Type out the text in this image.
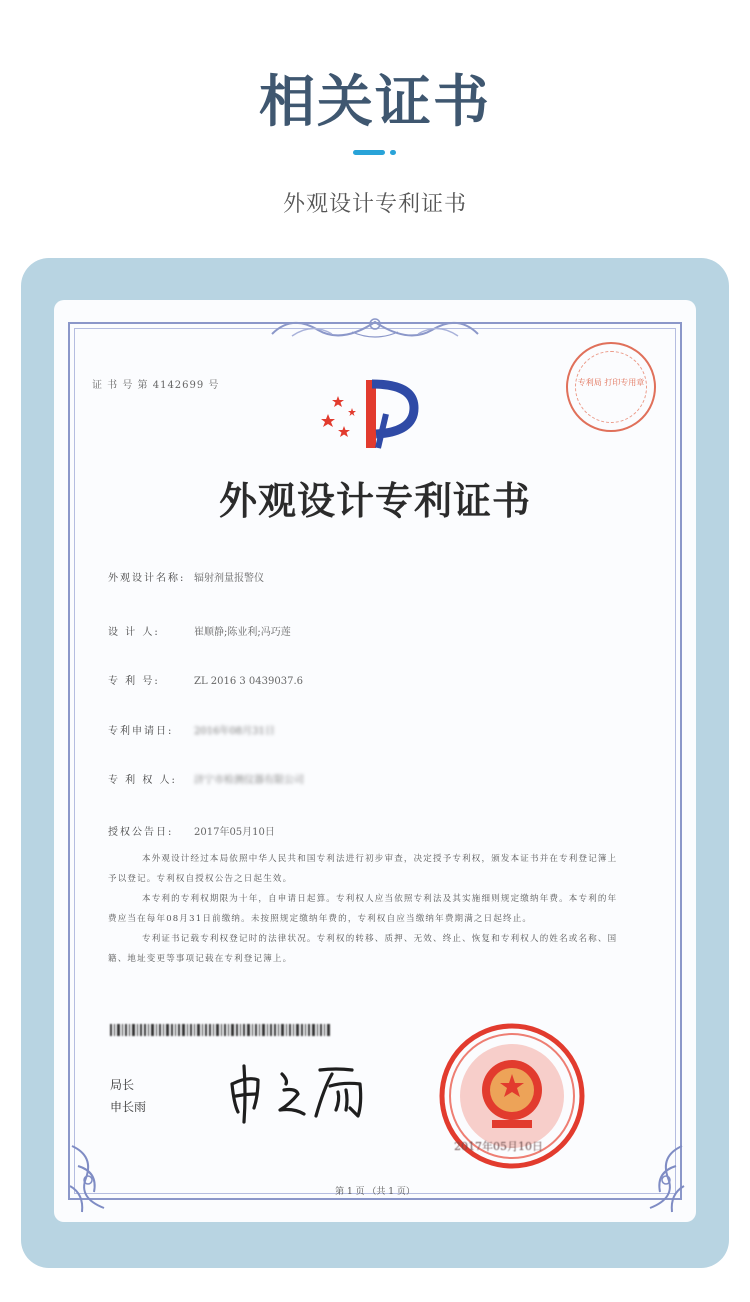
相关证书
外观设计专利证书
证 书 号 第 4142699 号	专利局 打印专用章
外观设计专利证书
外观设计名称: 辐射剂量报警仪
设 计 人:	崔顺静;陈业利;冯巧莲
专 利 号:	ZL 2016 3 0439037.6
专利申请日: 2016年08月31日
专 利 权 人: 济宁市检测仪器有限公司
授权公告日: 2017年05月10日

本外观设计经过本局依照中华人民共和国专利法进行初步审查，决定授予专利权，颁发本证书并在专利登记簿上予以登记。专利权自授权公告之日起生效。

本专利的专利权期限为十年，自申请日起算。专利权人应当依照专利法及其实施细则规定缴纳年费。本专利的年费应当在每年08月31日前缴纳。未按照规定缴纳年费的，专利权自应当缴纳年费期满之日起终止。

专利证书记载专利权登记时的法律状况。专利权的转移、质押、无效、终止、恢复和专利权人的姓名或名称、国籍、地址变更等事项记载在专利登记簿上。

局长
申长雨
2017年05月10日
第 1 页 （共 1 页）
